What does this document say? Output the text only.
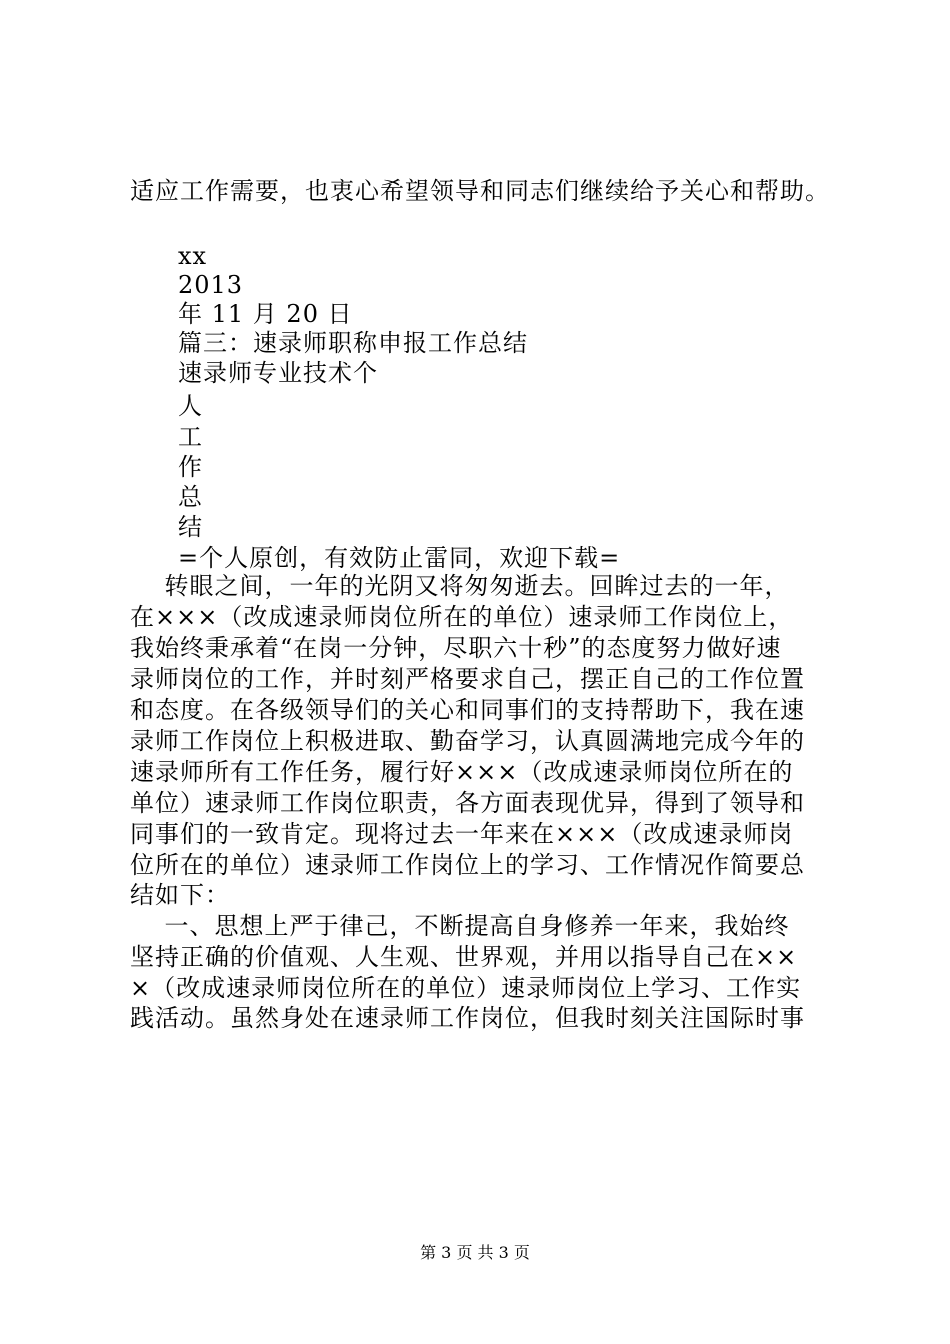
适应工作需要，也衷心希望领导和同志们继续给予关心和帮助。
xx
2013
年 11 月 20 日
篇三：速录师职称申报工作总结
速录师专业技术个
人
工
作
总
结
=个人原创，有效防止雷同，欢迎下载=
转眼之间，一年的光阴又将匆匆逝去。回眸过去的一年，
在×××（改成速录师岗位所在的单位）速录师工作岗位上，
我始终秉承着“在岗一分钟，尽职六十秒”的态度努力做好速
录师岗位的工作，并时刻严格要求自己，摆正自己的工作位置
和态度。在各级领导们的关心和同事们的支持帮助下，我在速
录师工作岗位上积极进取、勤奋学习，认真圆满地完成今年的
速录师所有工作任务，履行好×××（改成速录师岗位所在的
单位）速录师工作岗位职责，各方面表现优异，得到了领导和
同事们的一致肯定。现将过去一年来在×××（改成速录师岗
位所在的单位）速录师工作岗位上的学习、工作情况作简要总
结如下：
一、思想上严于律己，不断提高自身修养一年来，我始终
坚持正确的价值观、人生观、世界观，并用以指导自己在××
×（改成速录师岗位所在的单位）速录师岗位上学习、工作实
践活动。虽然身处在速录师工作岗位，但我时刻关注国际时事
第 3 页 共 3 页
